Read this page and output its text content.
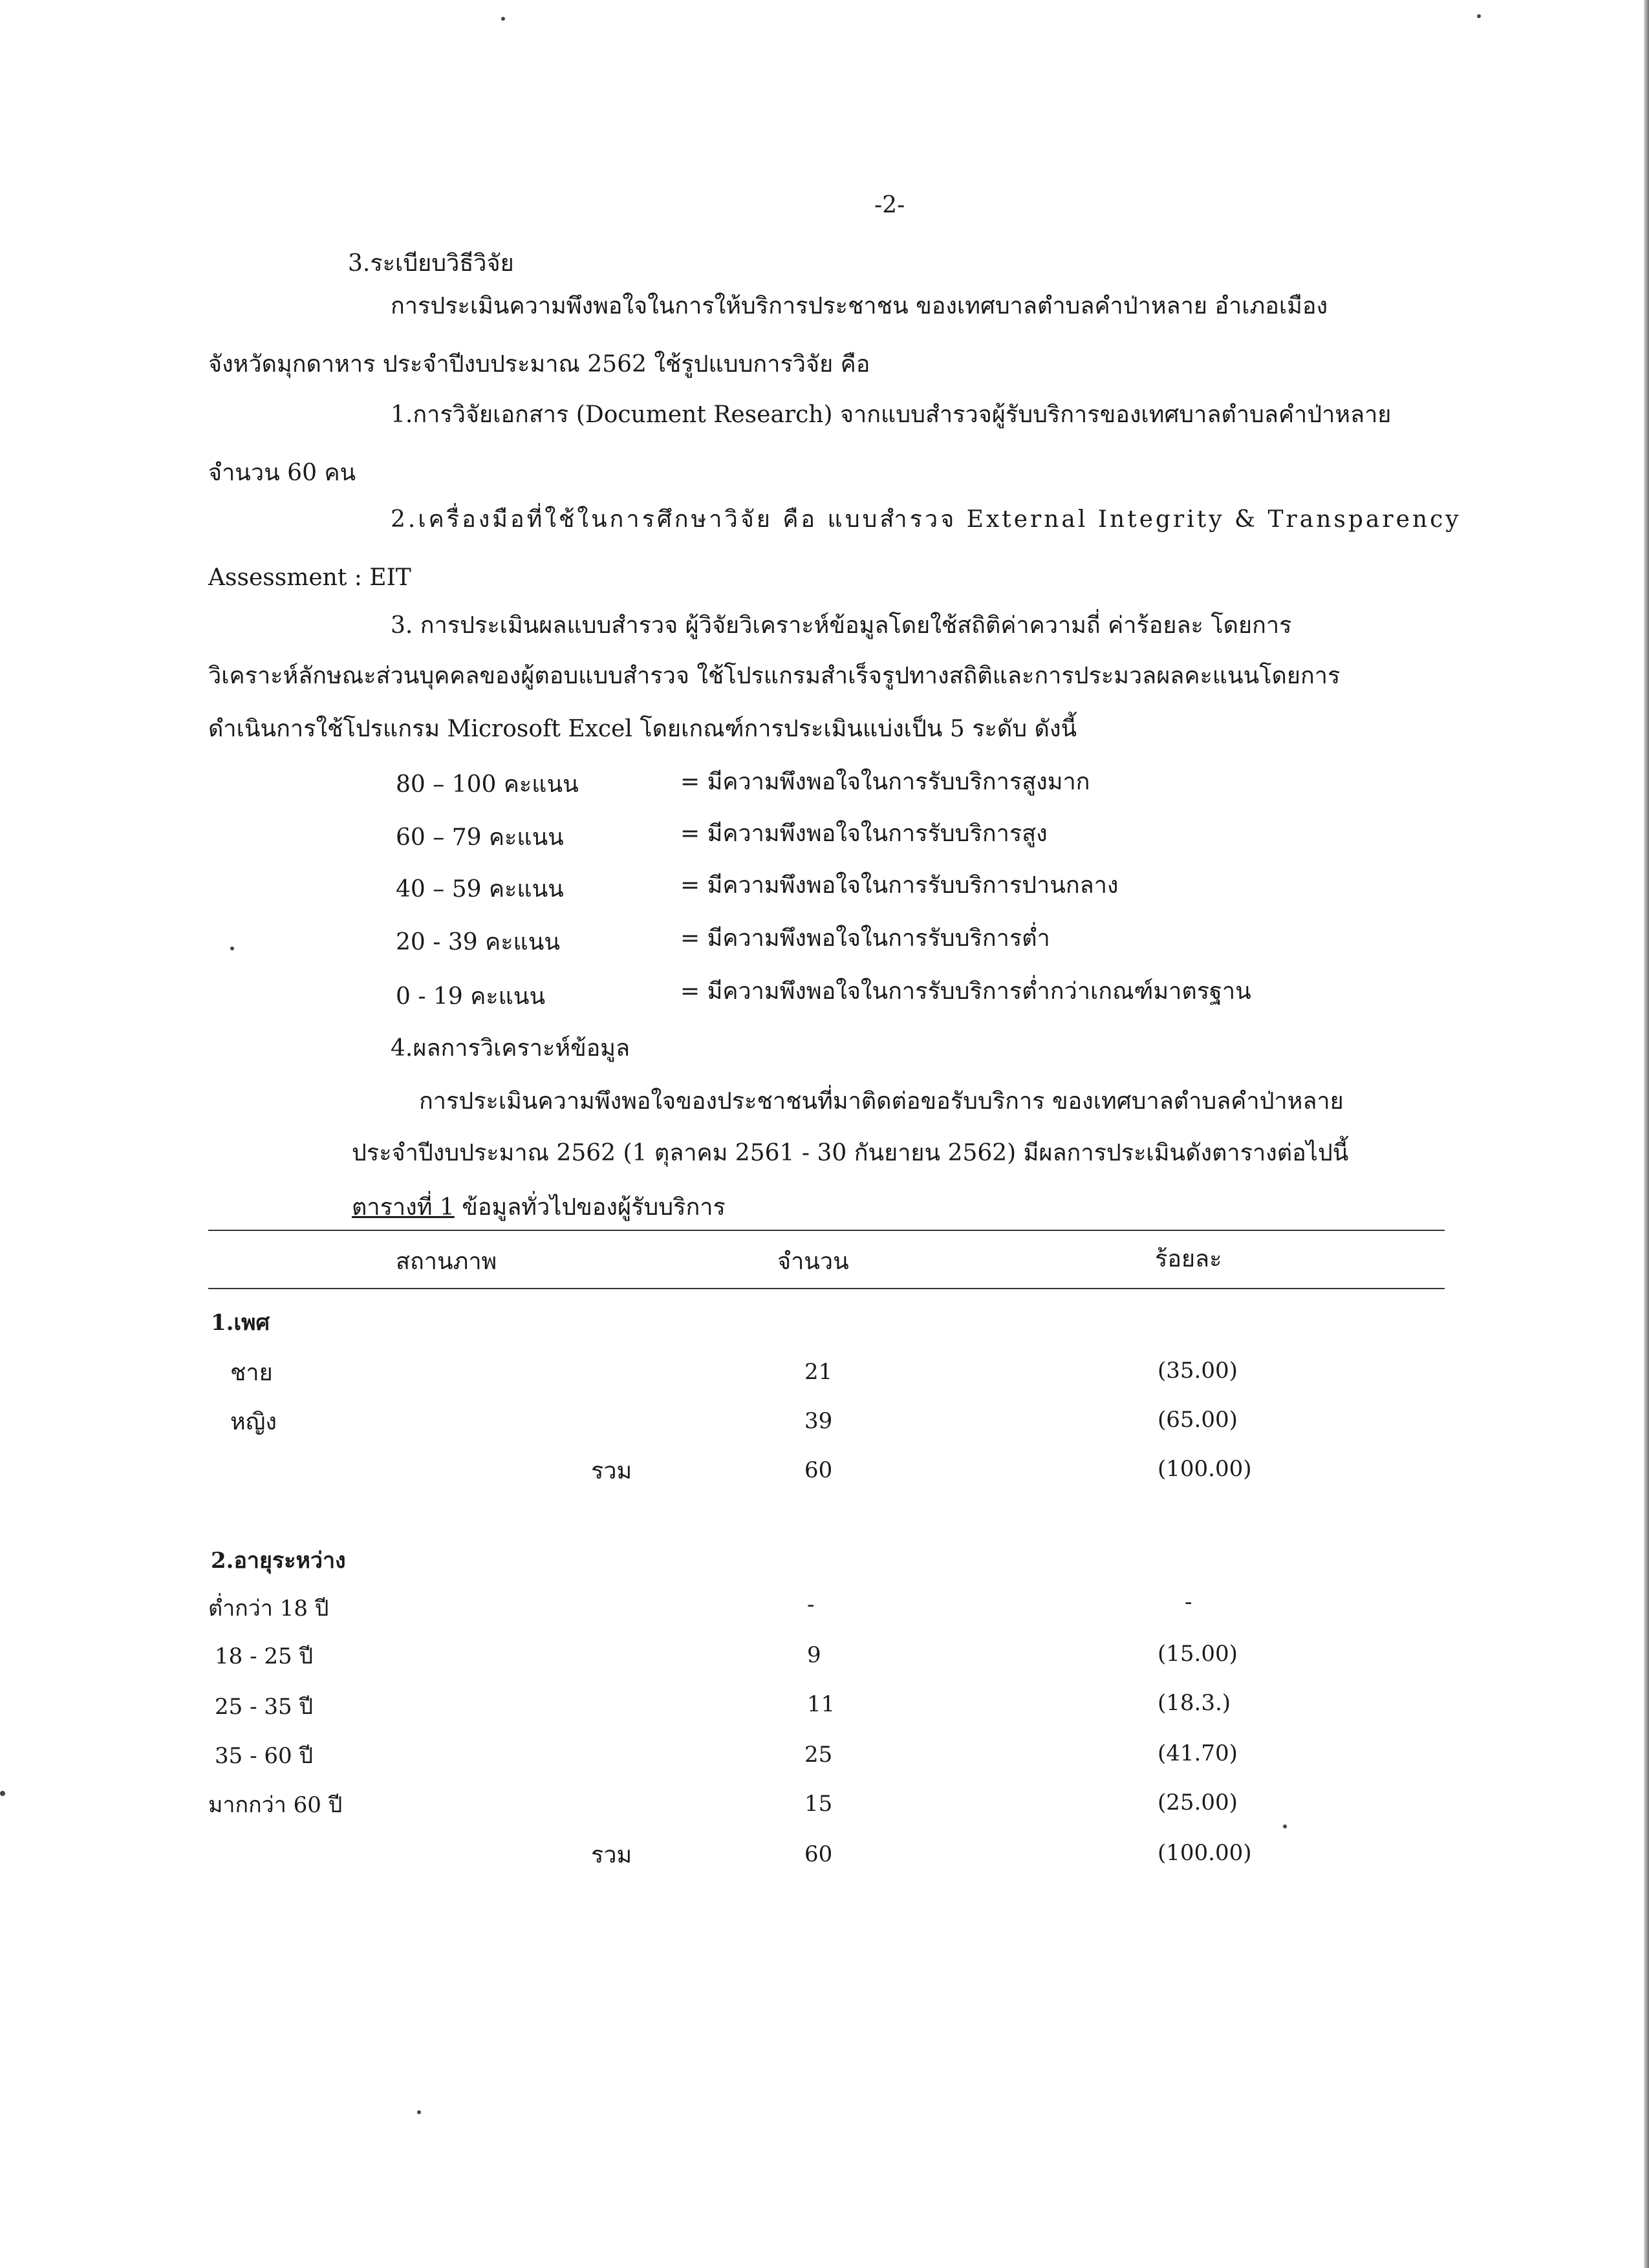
-2-
3.ระเบียบวิธีวิจัย
การประเมินความพึงพอใจในการให้บริการประชาชน ของเทศบาลตำบลคำป่าหลาย อำเภอเมือง
จังหวัดมุกดาหาร ประจำปีงบประมาณ 2562 ใช้รูปแบบการวิจัย คือ
1.การวิจัยเอกสาร (Document Research) จากแบบสำรวจผู้รับบริการของเทศบาลตำบลคำป่าหลาย
จำนวน 60 คน
2.เครื่องมือที่ใช้ในการศึกษาวิจัย คือ แบบสำรวจ External Integrity & Transparency
Assessment : EIT
3. การประเมินผลแบบสำรวจ ผู้วิจัยวิเคราะห์ข้อมูลโดยใช้สถิติค่าความถี่ ค่าร้อยละ โดยการ
วิเคราะห์ลักษณะส่วนบุคคลของผู้ตอบแบบสำรวจ ใช้โปรแกรมสำเร็จรูปทางสถิติและการประมวลผลคะแนนโดยการ
ดำเนินการใช้โปรแกรม Microsoft Excel โดยเกณฑ์การประเมินแบ่งเป็น 5 ระดับ ดังนี้
80 – 100 คะแนน	= มีความพึงพอใจในการรับบริการสูงมาก
60 – 79 คะแนน	= มีความพึงพอใจในการรับบริการสูง
40 – 59 คะแนน	= มีความพึงพอใจในการรับบริการปานกลาง
20 - 39 คะแนน	= มีความพึงพอใจในการรับบริการต่ำ
0 - 19 คะแนน	= มีความพึงพอใจในการรับบริการต่ำกว่าเกณฑ์มาตรฐาน
4.ผลการวิเคราะห์ข้อมูล
การประเมินความพึงพอใจของประชาชนที่มาติดต่อขอรับบริการ ของเทศบาลตำบลคำป่าหลาย
ประจำปีงบประมาณ 2562 (1 ตุลาคม 2561 - 30 กันยายน 2562) มีผลการประเมินดังตารางต่อไปนี้
ตารางที่ 1 ข้อมูลทั่วไปของผู้รับบริการ
สถานภาพ	จำนวน	ร้อยละ
1.เพศ
ชาย	21	(35.00)
หญิง	39	(65.00)
รวม	60	(100.00)
2.อายุระหว่าง
ต่ำกว่า 18 ปี	-	-
18 - 25 ปี	9	(15.00)
25 - 35 ปี	11	(18.3.)
35 - 60 ปี	25	(41.70)
มากกว่า 60 ปี	15	(25.00)
รวม	60	(100.00)
